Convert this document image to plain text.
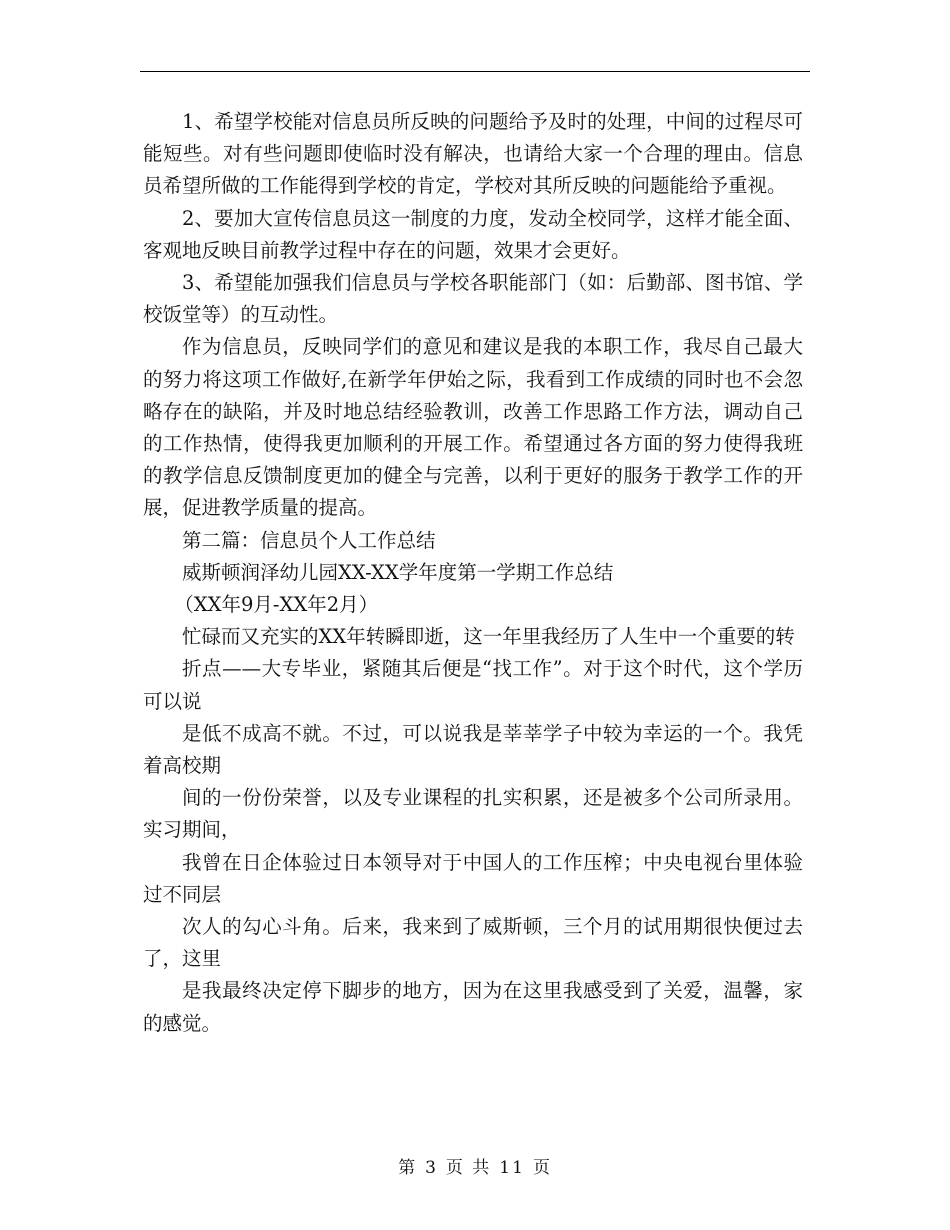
1、希望学校能对信息员所反映的问题给予及时的处理，中间的过程尽可能短些。对有些问题即使临时没有解决，也请给大家一个合理的理由。信息员希望所做的工作能得到学校的肯定，学校对其所反映的问题能给予重视。

2、要加大宣传信息员这一制度的力度，发动全校同学，这样才能全面、客观地反映目前教学过程中存在的问题，效果才会更好。

3、希望能加强我们信息员与学校各职能部门（如：后勤部、图书馆、学校饭堂等）的互动性。

作为信息员，反映同学们的意见和建议是我的本职工作，我尽自己最大的努力将这项工作做好,在新学年伊始之际，我看到工作成绩的同时也不会忽略存在的缺陷，并及时地总结经验教训，改善工作思路工作方法，调动自己的工作热情，使得我更加顺利的开展工作。希望通过各方面的努力使得我班的教学信息反馈制度更加的健全与完善，以利于更好的服务于教学工作的开展，促进教学质量的提高。

第二篇：信息员个人工作总结

威斯顿润泽幼儿园XX-XX学年度第一学期工作总结

（XX年9月-XX年2月）

忙碌而又充实的XX年转瞬即逝，这一年里我经历了人生中一个重要的转

折点——大专毕业，紧随其后便是“找工作”。对于这个时代，这个学历可以说

是低不成高不就。不过，可以说我是莘莘学子中较为幸运的一个。我凭着高校期

间的一份份荣誉，以及专业课程的扎实积累，还是被多个公司所录用。实习期间，

我曾在日企体验过日本领导对于中国人的工作压榨；中央电视台里体验过不同层

次人的勾心斗角。后来，我来到了威斯顿，三个月的试用期很快便过去了，这里

是我最终决定停下脚步的地方，因为在这里我感受到了关爱，温馨，家的感觉。

第 3 页 共 11 页
